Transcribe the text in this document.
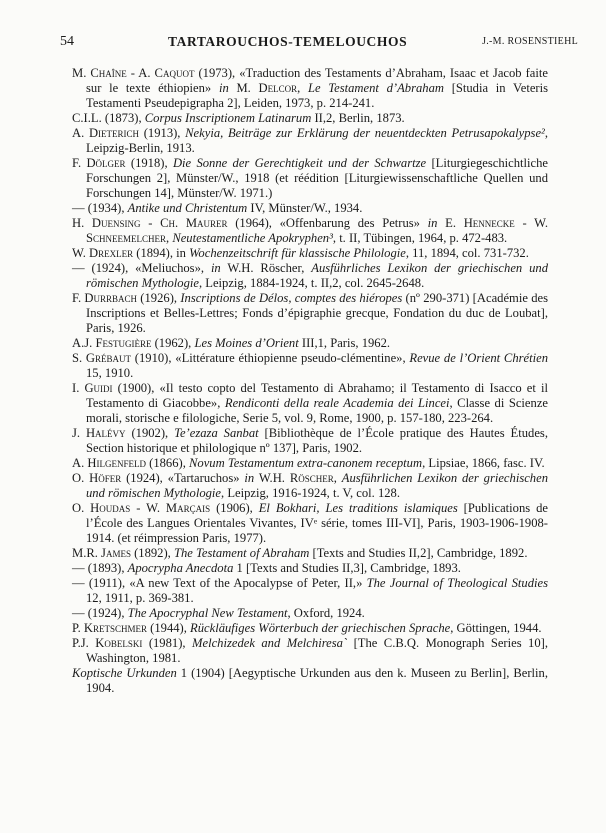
54	TARTAROUCHOS-TEMELOUCHOS	J.-M. ROSENSTIEHL

M. Chaîne - A. Caquot (1973), «Traduction des Testaments d’Abraham, Isaac et Jacob faite sur le texte éthiopien» in M. Delcor, Le Testament d’Abraham [Studia in Veteris Testamenti Pseudepigrapha 2], Leiden, 1973, p. 214-241.

C.I.L. (1873), Corpus Inscriptionem Latinarum II,2, Berlin, 1873.

A. Dieterich (1913), Nekyia, Beiträge zur Erklärung der neuentdeckten Petrusapokalypse², Leipzig-Berlin, 1913.

F. Dölger (1918), Die Sonne der Gerechtigkeit und der Schwartze [Liturgiegeschichtliche Forschungen 2], Münster/W., 1918 (et réédition [Liturgiewissenschaftliche Quellen und Forschungen 14], Münster/W. 1971.)

— (1934), Antike und Christentum IV, Münster/W., 1934.

H. Duensing - Ch. Maurer (1964), «Offenbarung des Petrus» in E. Hennecke - W. Schneemelcher, Neutestamentliche Apokryphen³, t. II, Tübingen, 1964, p. 472-483.

W. Drexler (1894), in Wochenzeitschrift für klassische Philologie, 11, 1894, col. 731-732.

— (1924), «Meliuchos», in W.H. Röscher, Ausführliches Lexikon der griechischen und römischen Mythologie, Leipzig, 1884-1924, t. II,2, col. 2645-2648.

F. Durrbach (1926), Inscriptions de Délos, comptes des hiéropes (nº 290-371) [Académie des Inscriptions et Belles-Lettres; Fonds d’épigraphie grecque, Fondation du duc de Loubat], Paris, 1926.

A.J. Festugière (1962), Les Moines d’Orient III,1, Paris, 1962.

S. Grébaut (1910), «Littérature éthiopienne pseudo-clémentine», Revue de l’Orient Chrétien 15, 1910.

I. Guidi (1900), «Il testo copto del Testamento di Abrahamo; il Testamento di Isacco et il Testamento di Giacobbe», Rendiconti della reale Academia dei Lincei, Classe di Scienze morali, storische e filologiche, Serie 5, vol. 9, Rome, 1900, p. 157-180, 223-264.

J. Halévy (1902), Te’ezaza Sanbat [Bibliothèque de l’École pratique des Hautes Études, Section historique et philologique nº 137], Paris, 1902.

A. Hilgenfeld (1866), Novum Testamentum extra-canonem receptum, Lipsiae, 1866, fasc. IV.

O. Höfer (1924), «Tartaruchos» in W.H. Röscher, Ausführlichen Lexikon der griechischen und römischen Mythologie, Leipzig, 1916-1924, t. V, col. 128.

O. Houdas - W. Marçais (1906), El Bokhari, Les traditions islamiques [Publications de l’École des Langues Orientales Vivantes, IVᵉ série, tomes III-VI], Paris, 1903-1906-1908-1914. (et réimpression Paris, 1977).

M.R. James (1892), The Testament of Abraham [Texts and Studies II,2], Cambridge, 1892.

— (1893), Apocrypha Anecdota 1 [Texts and Studies II,3], Cambridge, 1893.

— (1911), «A new Text of the Apocalypse of Peter, II,» The Journal of Theological Studies 12, 1911, p. 369-381.

— (1924), The Apocryphal New Testament, Oxford, 1924.

P. Kretschmer (1944), Rückläufiges Wörterbuch der griechischen Sprache, Göttingen, 1944.

P.J. Kobelski (1981), Melchizedek and Melchiresa` [The C.B.Q. Monograph Series 10], Washington, 1981.

Koptische Urkunden 1 (1904) [Aegyptische Urkunden aus den k. Museen zu Berlin], Berlin, 1904.
